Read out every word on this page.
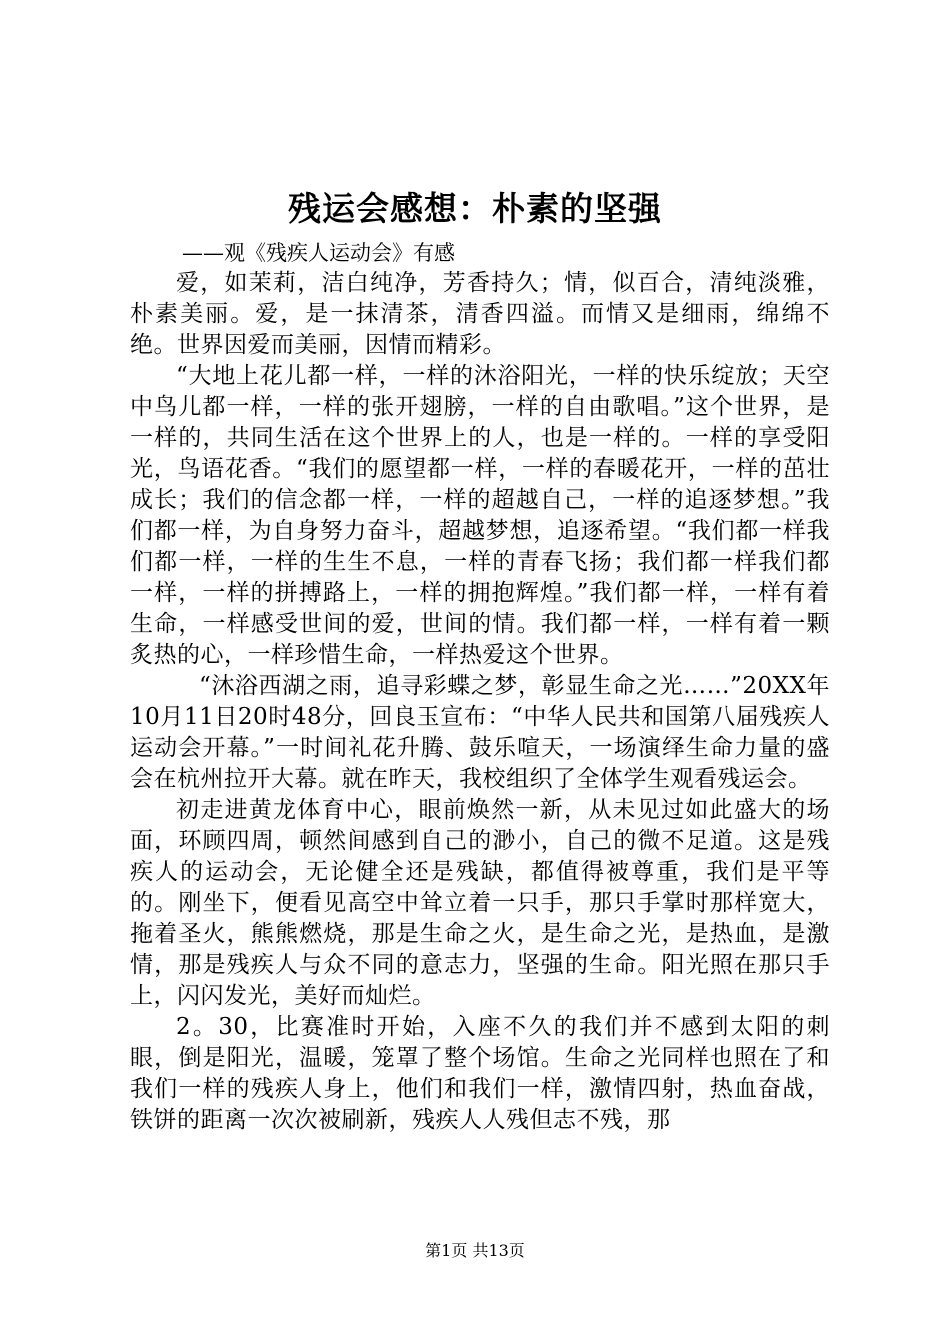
残运会感想：朴素的坚强

——观《残疾人运动会》有感

爱，如茉莉，洁白纯净，芳香持久；情，似百合，清纯淡雅，朴素美丽。爱，是一抹清茶，清香四溢。而情又是细雨，绵绵不绝。世界因爱而美丽，因情而精彩。

“大地上花儿都一样，一样的沐浴阳光，一样的快乐绽放；天空中鸟儿都一样，一样的张开翅膀，一样的自由歌唱。”这个世界，是一样的，共同生活在这个世界上的人，也是一样的。一样的享受阳光，鸟语花香。“我们的愿望都一样，一样的春暖花开，一样的茁壮成长；我们的信念都一样，一样的超越自己，一样的追逐梦想。”我们都一样，为自身努力奋斗，超越梦想，追逐希望。“我们都一样我们都一样，一样的生生不息，一样的青春飞扬；我们都一样我们都一样，一样的拼搏路上，一样的拥抱辉煌。”我们都一样，一样有着生命，一样感受世间的爱，世间的情。我们都一样，一样有着一颗炙热的心，一样珍惜生命，一样热爱这个世界。

“沐浴西湖之雨，追寻彩蝶之梦，彰显生命之光……”20XX年10月11日20时48分，回良玉宣布：“中华人民共和国第八届残疾人运动会开幕。”一时间礼花升腾、鼓乐喧天，一场演绎生命力量的盛会在杭州拉开大幕。就在昨天，我校组织了全体学生观看残运会。

初走进黄龙体育中心，眼前焕然一新，从未见过如此盛大的场面，环顾四周，顿然间感到自己的渺小，自己的微不足道。这是残疾人的运动会，无论健全还是残缺，都值得被尊重，我们是平等的。刚坐下，便看见高空中耸立着一只手，那只手掌时那样宽大，拖着圣火，熊熊燃烧，那是生命之火，是生命之光，是热血，是激情，那是残疾人与众不同的意志力，坚强的生命。阳光照在那只手上，闪闪发光，美好而灿烂。

2。30，比赛准时开始，入座不久的我们并不感到太阳的刺眼，倒是阳光，温暖，笼罩了整个场馆。生命之光同样也照在了和我们一样的残疾人身上，他们和我们一样，激情四射，热血奋战，铁饼的距离一次次被刷新，残疾人人残但志不残，那

第1页 共13页
